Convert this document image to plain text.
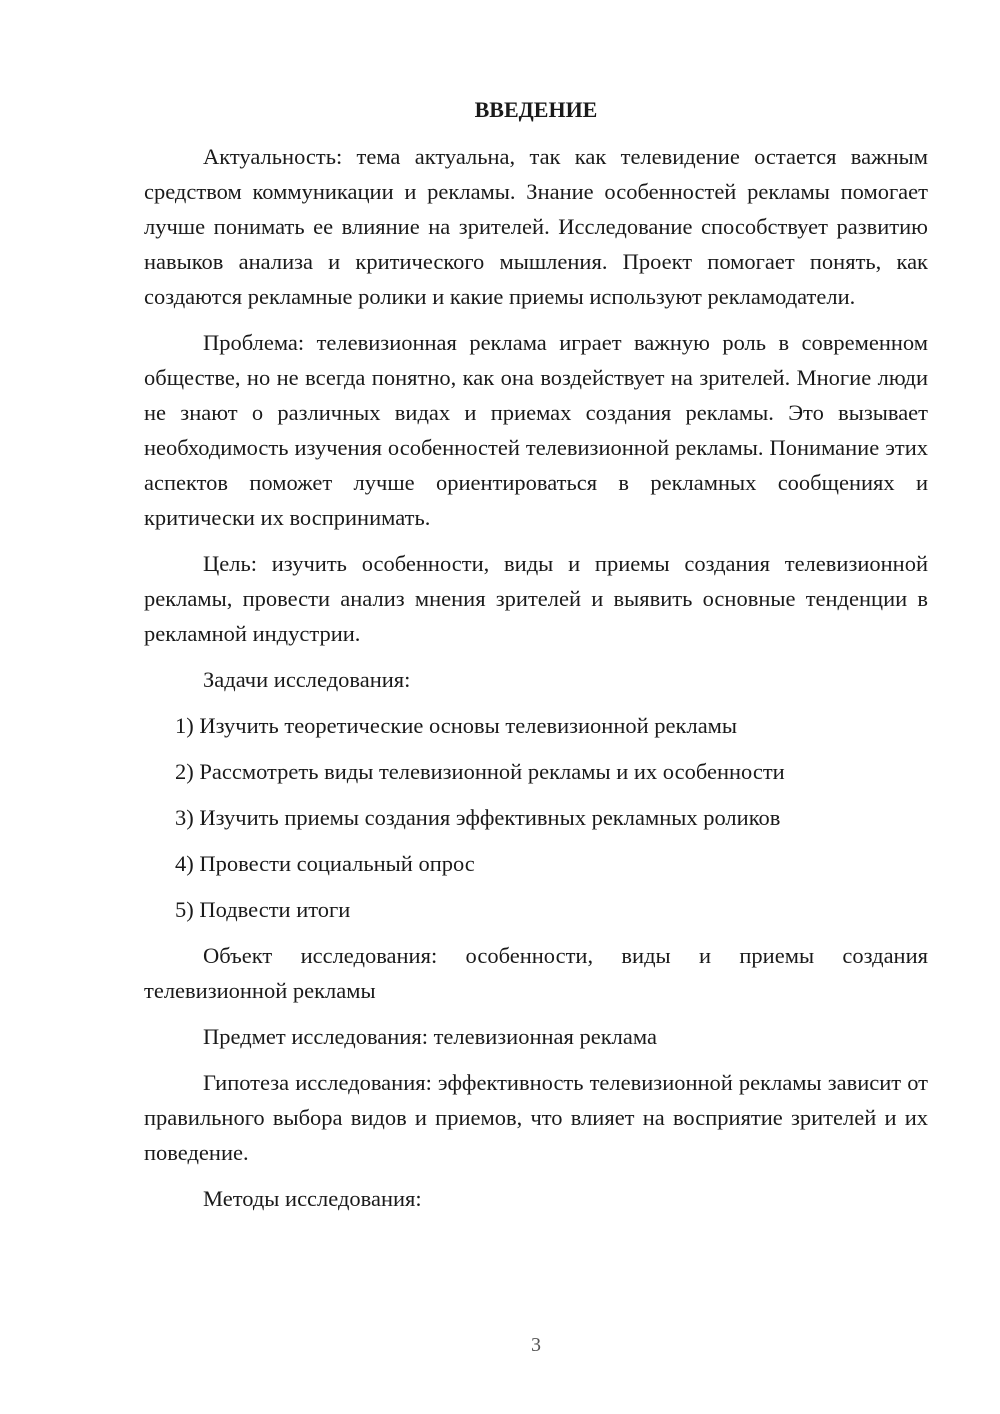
ВВЕДЕНИЕ

Актуальность: тема актуальна, так как телевидение остается важным средством коммуникации и рекламы. Знание особенностей рекламы помогает лучше понимать ее влияние на зрителей. Исследование способствует развитию навыков анализа и критического мышления. Проект помогает понять, как создаются рекламные ролики и какие приемы используют рекламодатели.

Проблема: телевизионная реклама играет важную роль в современном обществе, но не всегда понятно, как она воздействует на зрителей. Многие люди не знают о различных видах и приемах создания рекламы. Это вызывает необходимость изучения особенностей телевизионной рекламы. Понимание этих аспектов поможет лучше ориентироваться в рекламных сообщениях и критически их воспринимать.

Цель: изучить особенности, виды и приемы создания телевизионной рекламы, провести анализ мнения зрителей и выявить основные тенденции в рекламной индустрии.

Задачи исследования:

1) Изучить теоретические основы телевизионной рекламы

2) Рассмотреть виды телевизионной рекламы и их особенности

3) Изучить приемы создания эффективных рекламных роликов

4) Провести социальный опрос

5) Подвести итоги

Объект исследования: особенности, виды и приемы создания телевизионной рекламы

Предмет исследования: телевизионная реклама

Гипотеза исследования: эффективность телевизионной рекламы зависит от правильного выбора видов и приемов, что влияет на восприятие зрителей и их поведение.

Методы исследования:

3
